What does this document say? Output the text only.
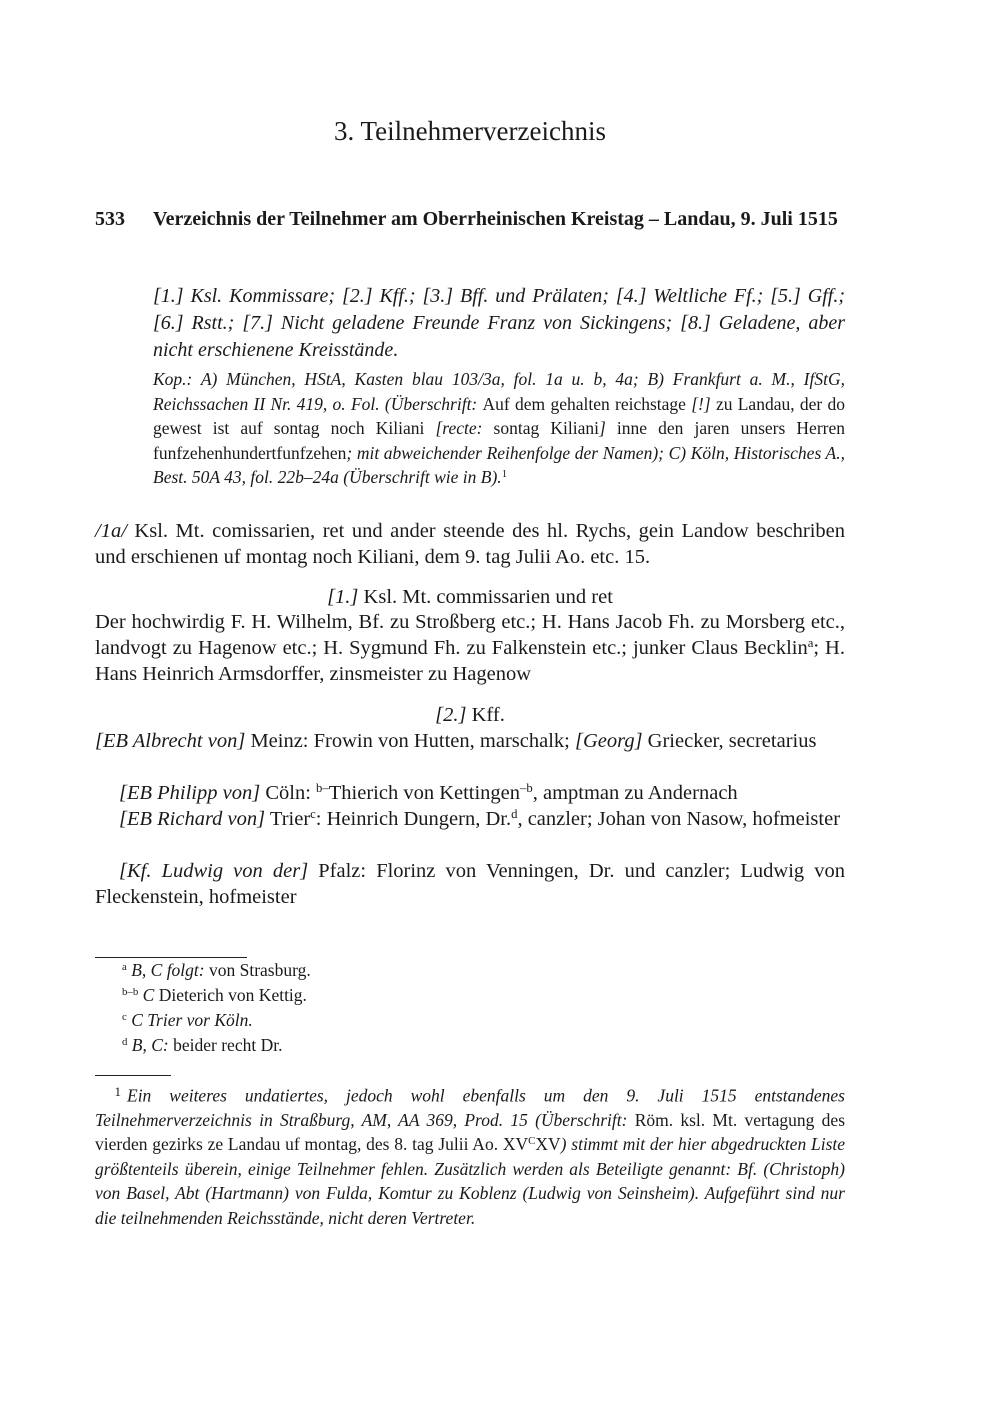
3. Teilnehmerverzeichnis
533 Verzeichnis der Teilnehmer am Oberrheinischen Kreistag – Landau, 9. Juli 1515
[1.] Ksl. Kommissare; [2.] Kff.; [3.] Bff. und Prälaten; [4.] Weltliche Ff.; [5.] Gff.; [6.] Rstt.; [7.] Nicht geladene Freunde Franz von Sickingens; [8.] Geladene, aber nicht erschienene Kreisstände.
Kop.: A) München, HStA, Kasten blau 103/3a, fol. 1a u. b, 4a; B) Frankfurt a. M., IfStG, Reichssachen II Nr. 419, o. Fol. (Überschrift: Auf dem gehalten reichstage [!] zu Landau, der do gewest ist auf sontag noch Kiliani [recte: sontag Kiliani] inne den jaren unsers Herren funfzehenhundertfunfzehen; mit abweichender Reihenfolge der Namen); C) Köln, Historisches A., Best. 50A 43, fol. 22b–24a (Überschrift wie in B).$^1$
/1a/ Ksl. Mt. comissarien, ret und ander steende des hl. Rychs, gein Landow beschriben und erschienen uf montag noch Kiliani, dem 9. tag Julii Ao. etc. 15.
[1.] Ksl. Mt. commissarien und ret
Der hochwirdig F. H. Wilhelm, Bf. zu Stroßberg etc.; H. Hans Jacob Fh. zu Morsberg etc., landvogt zu Hagenow etc.; H. Sygmund Fh. zu Falkenstein etc.; junker Claus Becklin$^a$; H. Hans Heinrich Armsdorffer, zinsmeister zu Hagenow
[2.] Kff.
[EB Albrecht von] Meinz: Frowin von Hutten, marschalk; [Georg] Griecker, secretarius
[EB Philipp von] Cöln: $^{b-}$Thierich von Kettingen$^{-b}$, amptman zu Andernach
[EB Richard von] Trier$^c$: Heinrich Dungern, Dr.$^d$, canzler; Johan von Nasow, hofmeister
[Kf. Ludwig von der] Pfalz: Florinz von Venningen, Dr. und canzler; Ludwig von Fleckenstein, hofmeister
$^a$ B, C folgt: von Strasburg.
$^{b-b}$ C Dieterich von Kettig.
$^c$ C Trier vor Köln.
$^d$ B, C: beider recht Dr.
1 Ein weiteres undatiertes, jedoch wohl ebenfalls um den 9. Juli 1515 entstandenes Teilnehmerverzeichnis in Straßburg, AM, AA 369, Prod. 15 (Überschrift: Röm. ksl. Mt. vertagung des vierden gezirks ze Landau uf montag, des 8. tag Julii Ao. $XV^CXV$) stimmt mit der hier abgedruckten Liste größtenteils überein, einige Teilnehmer fehlen. Zusätzlich werden als Beteiligte genannt: Bf. (Christoph) von Basel, Abt (Hartmann) von Fulda, Komtur zu Koblenz (Ludwig von Seinsheim). Aufgeführt sind nur die teilnehmenden Reichsstände, nicht deren Vertreter.
